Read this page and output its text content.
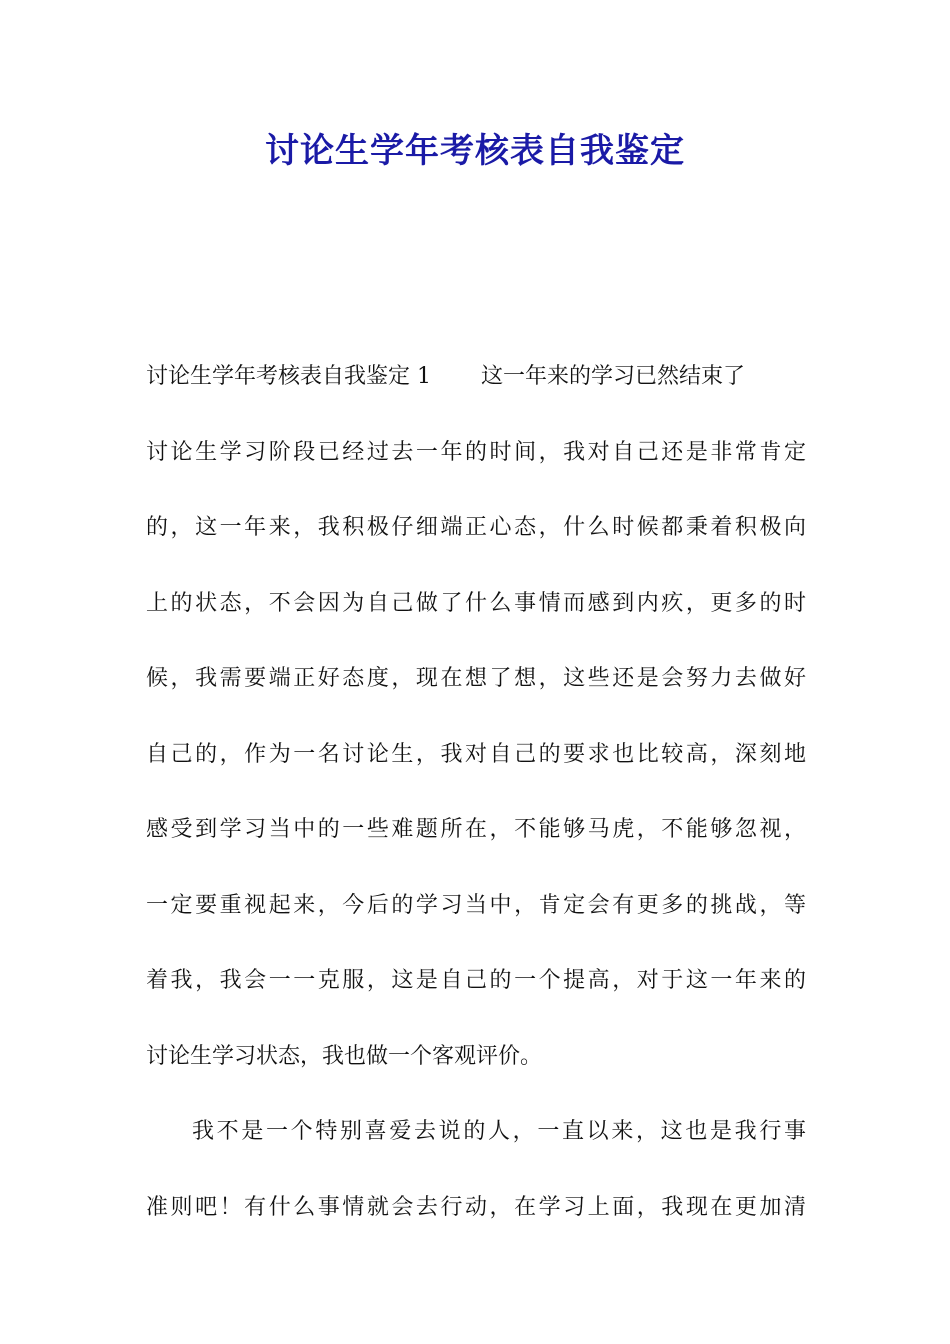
讨论生学年考核表自我鉴定
讨论生学年考核表自我鉴定 1 这一年来的学习已然结束了
讨论生学习阶段已经过去一年的时间，我对自己还是非常肯定
的，这一年来，我积极仔细端正心态，什么时候都秉着积极向
上的状态，不会因为自己做了什么事情而感到内疚，更多的时
候，我需要端正好态度，现在想了想，这些还是会努力去做好
自己的，作为一名讨论生，我对自己的要求也比较高，深刻地
感受到学习当中的一些难题所在，不能够马虎，不能够忽视，
一定要重视起来，今后的学习当中，肯定会有更多的挑战，等
着我，我会一一克服，这是自己的一个提高，对于这一年来的
讨论生学习状态，我也做一个客观评价。
我不是一个特别喜爱去说的人，一直以来，这也是我行事
准则吧！有什么事情就会去行动，在学习上面，我现在更加清
